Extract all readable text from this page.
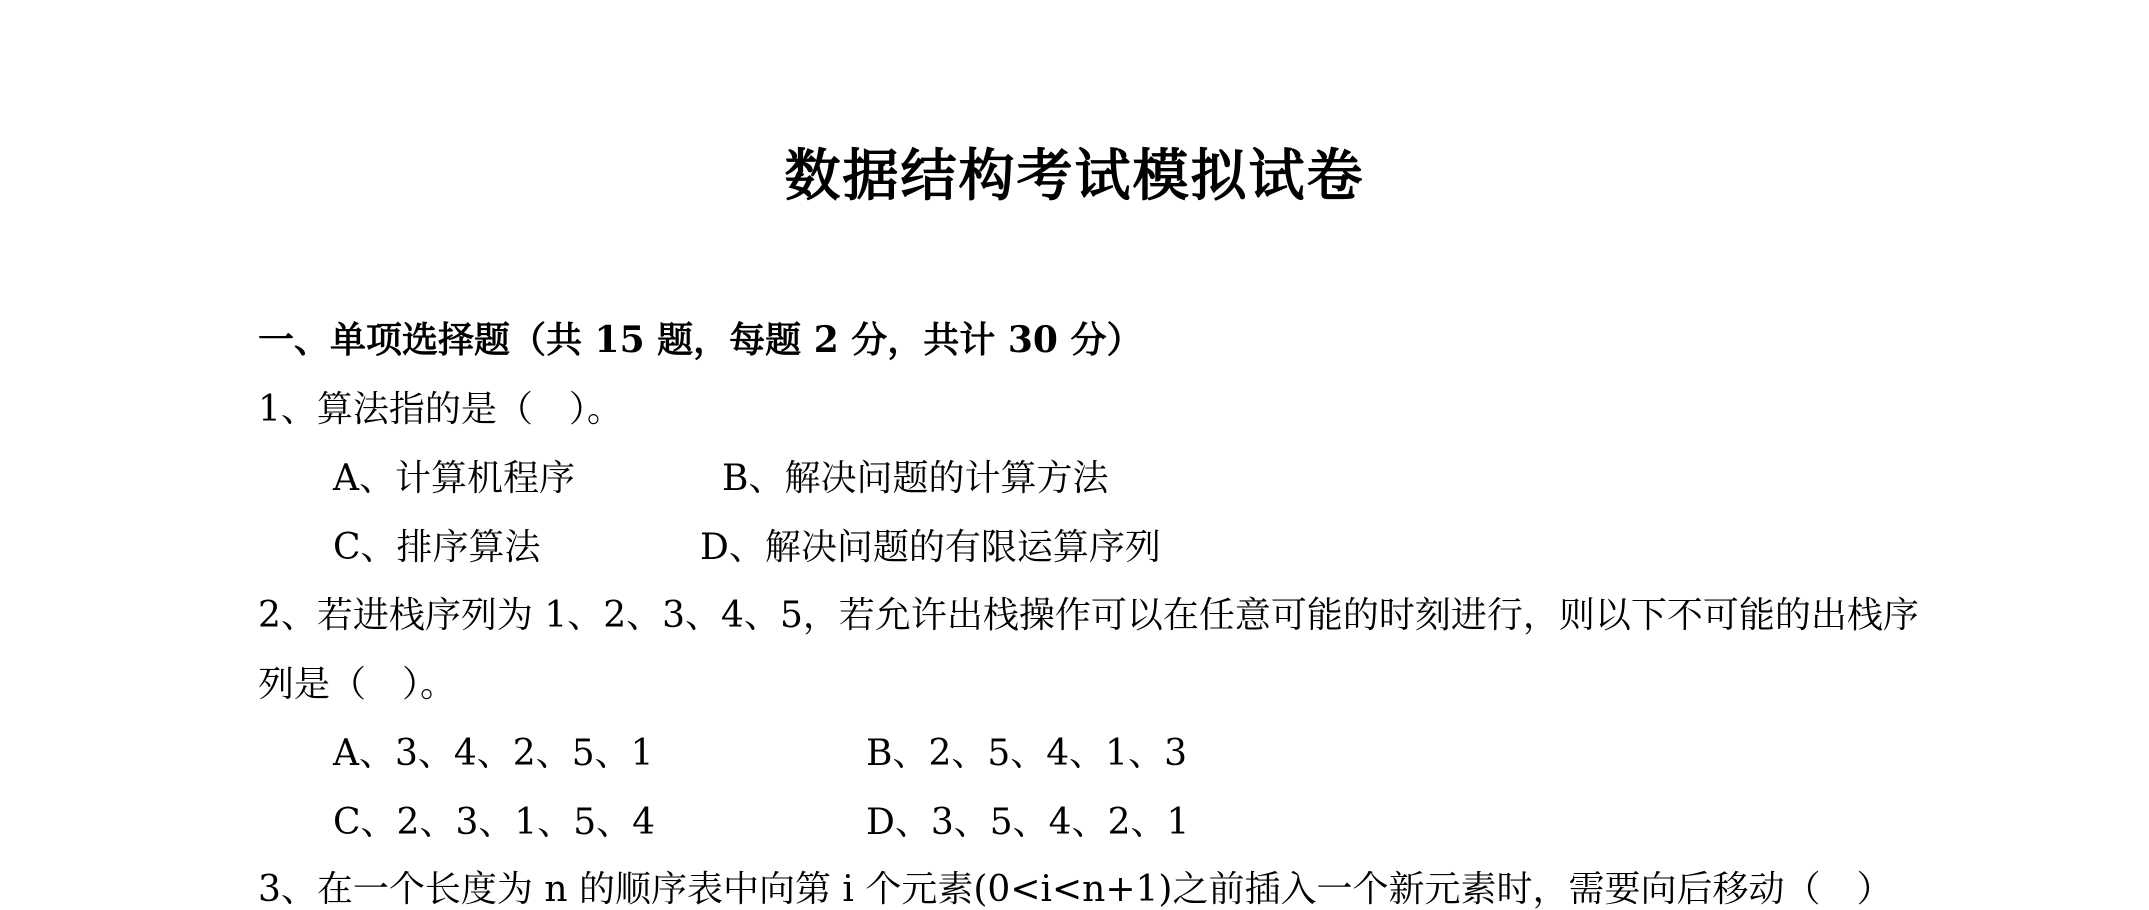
数据结构考试模拟试卷
一、单项选择题（共 15 题，每题 2 分，共计 30 分）
1、算法指的是（　）。
A、计算机程序	B、解决问题的计算方法
C、排序算法	D、解决问题的有限运算序列
2、若进栈序列为 1、2、3、4、5，若允许出栈操作可以在任意可能的时刻进行，则以下不可能的出栈序
列是（　）。
A、3、4、2、5、1	B、2、5、4、1、3
C、2、3、1、5、4	D、3、5、4、2、1
3、在一个长度为 n 的顺序表中向第 i 个元素(0<i<n+1)之前插入一个新元素时，需要向后移动（　）
